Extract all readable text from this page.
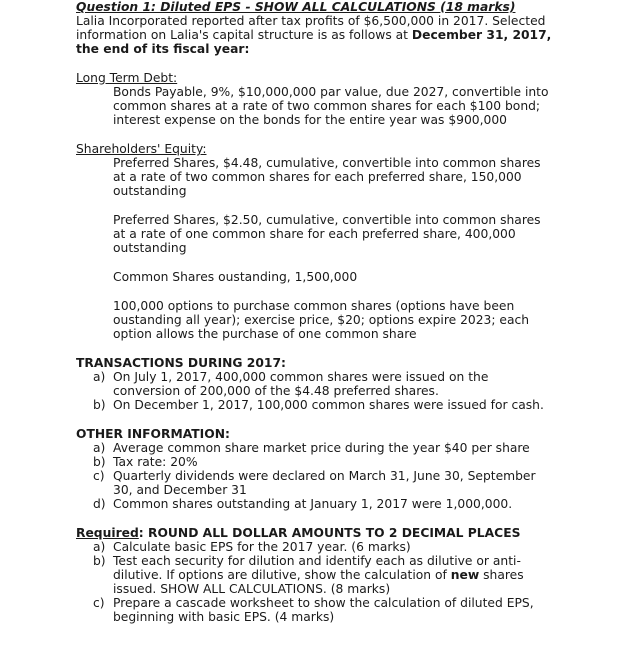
Question 1: Diluted EPS - SHOW ALL CALCULATIONS (18 marks)
Lalia Incorporated reported after tax profits of $6,500,000 in 2017. Selected
information on Lalia's capital structure is as follows at December 31, 2017,
the end of its fiscal year:
Long Term Debt:
Bonds Payable, 9%, $10,000,000 par value, due 2027, convertible into
common shares at a rate of two common shares for each $100 bond;
interest expense on the bonds for the entire year was $900,000
Shareholders' Equity:
Preferred Shares, $4.48, cumulative, convertible into common shares
at a rate of two common shares for each preferred share, 150,000
outstanding
Preferred Shares, $2.50, cumulative, convertible into common shares
at a rate of one common share for each preferred share, 400,000
outstanding
Common Shares oustanding, 1,500,000
100,000 options to purchase common shares (options have been
oustanding all year); exercise price, $20; options expire 2023; each
option allows the purchase of one common share
TRANSACTIONS DURING 2017:
a) On July 1, 2017, 400,000 common shares were issued on the
conversion of 200,000 of the $4.48 preferred shares.
b) On December 1, 2017, 100,000 common shares were issued for cash.
OTHER INFORMATION:
a) Average common share market price during the year $40 per share
b) Tax rate: 20%
c) Quarterly dividends were declared on March 31, June 30, September
30, and December 31
d) Common shares outstanding at January 1, 2017 were 1,000,000.
Required: ROUND ALL DOLLAR AMOUNTS TO 2 DECIMAL PLACES
a) Calculate basic EPS for the 2017 year. (6 marks)
b) Test each security for dilution and identify each as dilutive or anti-
dilutive. If options are dilutive, show the calculation of new shares
issued. SHOW ALL CALCULATIONS. (8 marks)
c) Prepare a cascade worksheet to show the calculation of diluted EPS,
beginning with basic EPS. (4 marks)
